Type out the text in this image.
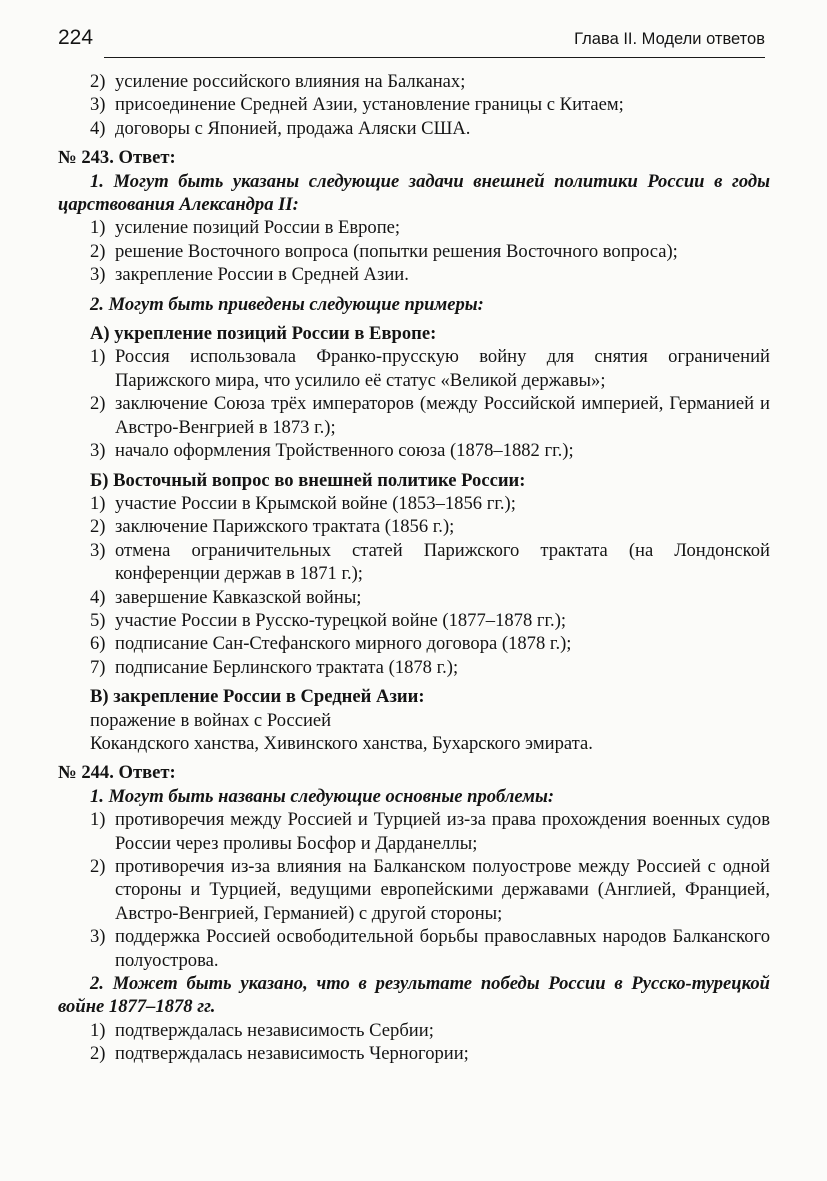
224	Глава II. Модели ответов
2) усиление российского влияния на Балканах;
3) присоединение Средней Азии, установление границы с Китаем;
4) договоры с Японией, продажа Аляски США.
№ 243. Ответ:
1. Могут быть указаны следующие задачи внешней политики России в годы царствования Александра II:
1) усиление позиций России в Европе;
2) решение Восточного вопроса (попытки решения Восточного вопроса);
3) закрепление России в Средней Азии.
2. Могут быть приведены следующие примеры:
А) укрепление позиций России в Европе:
1) Россия использовала Франко-прусскую войну для снятия ограничений Парижского мира, что усилило её статус «Великой державы»;
2) заключение Союза трёх императоров (между Российской империей, Германией и Австро-Венгрией в 1873 г.);
3) начало оформления Тройственного союза (1878–1882 гг.);
Б) Восточный вопрос во внешней политике России:
1) участие России в Крымской войне (1853–1856 гг.);
2) заключение Парижского трактата (1856 г.);
3) отмена ограничительных статей Парижского трактата (на Лондонской конференции держав в 1871 г.);
4) завершение Кавказской войны;
5) участие России в Русско-турецкой войне (1877–1878 гг.);
6) подписание Сан-Стефанского мирного договора (1878 г.);
7) подписание Берлинского трактата (1878 г.);
В) закрепление России в Средней Азии:
поражение в войнах с Россией
Кокандского ханства, Хивинского ханства, Бухарского эмирата.
№ 244. Ответ:
1. Могут быть названы следующие основные проблемы:
1) противоречия между Россией и Турцией из-за права прохождения военных судов России через проливы Босфор и Дарданеллы;
2) противоречия из-за влияния на Балканском полуострове между Россией с одной стороны и Турцией, ведущими европейскими державами (Англией, Францией, Австро-Венгрией, Германией) с другой стороны;
3) поддержка Россией освободительной борьбы православных народов Балканского полуострова.
2. Может быть указано, что в результате победы России в Русско-турецкой войне 1877–1878 гг.
1) подтверждалась независимость Сербии;
2) подтверждалась независимость Черногории;
